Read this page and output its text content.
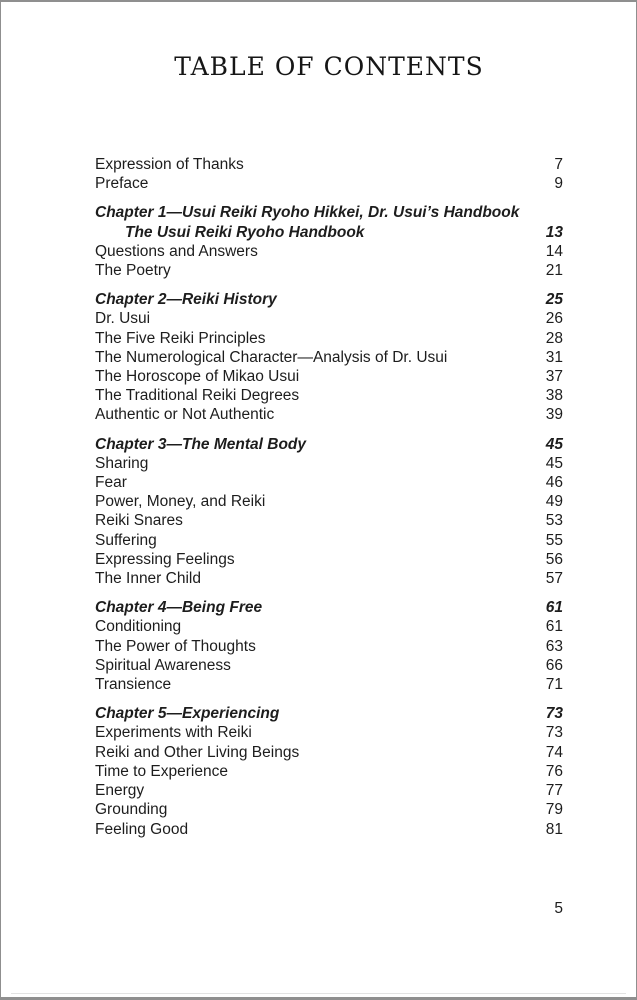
TABLE OF CONTENTS
Expression of Thanks	7
Preface	9
Chapter 1—Usui Reiki Ryoho Hikkei, Dr. Usui’s Handbook
The Usui Reiki Ryoho Handbook	13
Questions and Answers	14
The Poetry	21
Chapter 2—Reiki History	25
Dr. Usui	26
The Five Reiki Principles	28
The Numerological Character—Analysis of Dr. Usui	31
The Horoscope of Mikao Usui	37
The Traditional Reiki Degrees	38
Authentic or Not Authentic	39
Chapter 3—The Mental Body	45
Sharing	45
Fear	46
Power, Money, and Reiki	49
Reiki Snares	53
Suffering	55
Expressing Feelings	56
The Inner Child	57
Chapter 4—Being Free	61
Conditioning	61
The Power of Thoughts	63
Spiritual Awareness	66
Transience	71
Chapter 5—Experiencing	73
Experiments with Reiki	73
Reiki and Other Living Beings	74
Time to Experience	76
Energy	77
Grounding	79
Feeling Good	81
5
